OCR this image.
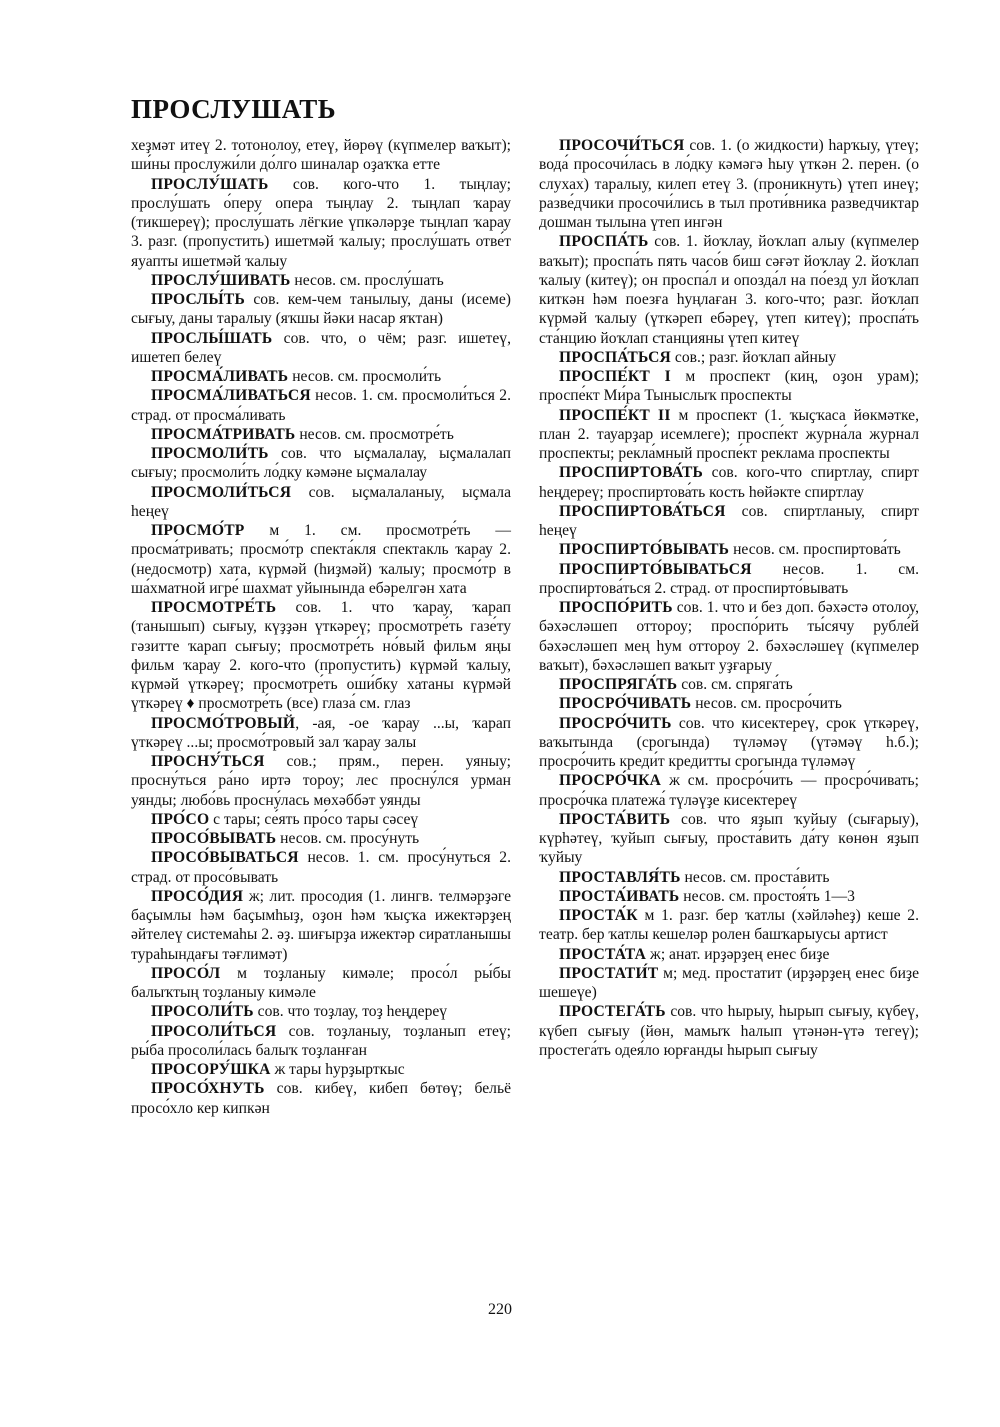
ПРОСЛУШАТЬ

хеҙмәт итеү 2. тотонолоу, етеү, йөрөү (күпмелер ваҡыт); ши́ны прослужи́ли до́лго шиналар оҙаҡҡа етте

ПРОСЛУ́ШАТЬ сов. кого-что 1. тыңлау; прослу́шать о́перу опера тыңлау 2. тыңлап ҡарау (тикшереү); прослу́шать лёгкие үпкәләрҙе тыңлап ҡарау 3. разг. (пропустить) ишетмәй ҡалыу; прослу́шать отве́т яуапты ишетмәй ҡалыу

ПРОСЛУ́ШИВАТЬ несов. см. прослу́шать

ПРОСЛЫ́ТЬ сов. кем-чем танылыу, даны (исеме) сығыу, даны таралыу (яҡшы йәки насар яҡтан)

ПРОСЛЫ́ШАТЬ сов. что, о чём; разг. ишетеү, ишетеп белеү

ПРОСМА́ЛИВАТЬ несов. см. просмоли́ть

ПРОСМА́ЛИВАТЬСЯ несов. 1. см. просмоли́ться 2. страд. от просма́ливать

ПРОСМА́ТРИВАТЬ несов. см. просмотре́ть

ПРОСМОЛИ́ТЬ сов. что ыҫмалалау, ыҫмалалап сығыу; просмоли́ть ло́дку кәмәне ыҫмалалау

ПРОСМОЛИ́ТЬСЯ сов. ыҫмалаланыу, ыҫмала һеңеү

ПРОСМО́ТР м 1. см. просмотре́ть — просма́тривать; просмо́тр спекта́кля спектакль ҡарау 2. (недосмотр) хата, күрмәй (һиҙмәй) ҡалыу; просмо́тр в ша́хматной игре́ шахмат уйынында ебәрелгән хата

ПРОСМОТРЕ́ТЬ сов. 1. что ҡарау, ҡарап (танышып) сығыу, күҙҙән үткәреү; просмотре́ть газе́ту гәзитте ҡарап сығыу; просмотре́ть но́вый фильм яңы фильм ҡарау 2. кого-что (пропустить) күрмәй ҡалыу, күрмәй үткәреү; просмотре́ть оши́бку хатаны күрмәй үткәреү ♦ просмотре́ть (все) глаза́ см. глаз

ПРОСМО́ТРОВЫЙ, -ая, -ое ҡарау ...ы, ҡарап үткәреү ...ы; просмо́тровый зал ҡарау залы

ПРОСНУ́ТЬСЯ сов.; прям., перен. уяныу; просну́ться ра́но иртә тороу; лес просну́лся урман уянды; любо́вь просну́лась мөхәббәт уянды

ПРО́СО с тары; се́ять про́со тары сәсеү

ПРОСО́ВЫВАТЬ несов. см. просу́нуть

ПРОСО́ВЫВАТЬСЯ несов. 1. см. просу́нуться 2. страд. от просо́вывать

ПРОСО́ДИЯ ж; лит. просодия (1. лингв. телмәрҙәге баҫымлы һәм баҫымһыҙ, оҙон һәм ҡыҫҡа ижектәрҙең әйтелеү системаһы 2. әҙ. шиғырҙа ижектәр сиратланышы тураһындағы тәғлимәт)

ПРОСО́Л м тоҙланыу кимәле; просо́л ры́бы балыҡтың тоҙланыу кимәле

ПРОСОЛИ́ТЬ сов. что тоҙлау, тоҙ һеңдереү

ПРОСОЛИ́ТЬСЯ сов. тоҙланыу, тоҙланып етеү; ры́ба просоли́лась балыҡ тоҙланған

ПРОСОРУ́ШКА ж тары һурҙырткыс

ПРОСО́ХНУТЬ сов. кибеү, кибеп бөтөү; бельё просо́хло кер кипкән

ПРОСОЧИ́ТЬСЯ сов. 1. (о жидкости) һарҡыу, үтеү; вода́ просочи́лась в ло́дку кәмәгә һыу үткән 2. перен. (о слухах) таралыу, килеп етеү 3. (проникнуть) үтеп инеү; разве́дчики просочи́лись в тыл проти́вника разведчиктар дошман тылына үтеп ингән

ПРОСПА́ТЬ сов. 1. йоҡлау, йоҡлап алыу (күпмелер ваҡыт); проспа́ть пять часо́в биш сәғәт йоҡлау 2. йоҡлап ҡалыу (китеү); он проспа́л и опозда́л на по́езд ул йоҡлап киткән һәм поезға һуңлаған 3. кого-что; разг. йоҡлап күрмәй ҡалыу (үткәреп ебәреү, үтеп китеү); проспа́ть ста́нцию йоҡлап станцияны үтеп китеү

ПРОСПА́ТЬСЯ сов.; разг. йоҡлап айныу

ПРОСПЕ́КТ I м проспект (киң, оҙон урам); проспе́кт Ми́ра Тыныслыҡ проспекты

ПРОСПЕ́КТ II м проспект (1. ҡыҫҡаса йөкмәтке, план 2. тауарҙар исемлеге); проспе́кт журна́ла журнал проспекты; рекла́мный проспе́кт реклама проспекты

ПРОСПИРТОВА́ТЬ сов. кого-что спиртлау, спирт һеңдереү; проспиртова́ть кость һөйәкте спиртлау

ПРОСПИРТОВА́ТЬСЯ сов. спиртланыу, спирт һеңеү

ПРОСПИРТО́ВЫВАТЬ несов. см. проспиртова́ть

ПРОСПИРТО́ВЫВАТЬСЯ несов. 1. см. проспиртова́ться 2. страд. от проспирто́вывать

ПРОСПО́РИТЬ сов. 1. что и без доп. бәхәстә отолоу, бәхәсләшеп оттороу; проспо́рить ты́сячу рубле́й бәхәсләшеп мең һум оттороу 2. бәхәсләшеү (күпмелер ваҡыт), бәхәсләшеп ваҡыт уҙғарыу

ПРОСПРЯГА́ТЬ сов. см. спряга́ть

ПРОСРО́ЧИВАТЬ несов. см. просро́чить

ПРОСРО́ЧИТЬ сов. что кисектереү, срок үткәреү, ваҡытында (срогында) түләмәү (үтәмәү h.б.); просро́чить креди́т кредитты срогында түләмәү

ПРОСРО́ЧКА ж см. просро́чить — просро́чивать; просро́чка платежа́ түләүҙе кисектереү

ПРОСТА́ВИТЬ сов. что яҙып ҡуйыу (сығарыу), күрһәтеү, ҡуйып сығыу, проста́вить да́ту көнөн яҙып ҡуйыу

ПРОСТАВЛЯ́ТЬ несов. см. проста́вить

ПРОСТА́ИВАТЬ несов. см. простоя́ть 1—3

ПРОСТА́К м 1. разг. бер ҡатлы (хәйләһеҙ) кеше 2. театр. бер ҡатлы кешеләр ролен башҡарыусы артист

ПРОСТА́ТА ж; анат. ирҙәрҙең енес биҙе

ПРОСТАТИ́Т м; мед. простатит (ирҙәрҙең енес биҙе шешеүе)

ПРОСТЕГА́ТЬ сов. что һырыу, һырып сығыу, күбеү, күбеп сығыу (йөн, мамыҡ һалып үтәнән-үтә тегеү); простега́ть одея́ло юрғанды һырып сығыу

220
